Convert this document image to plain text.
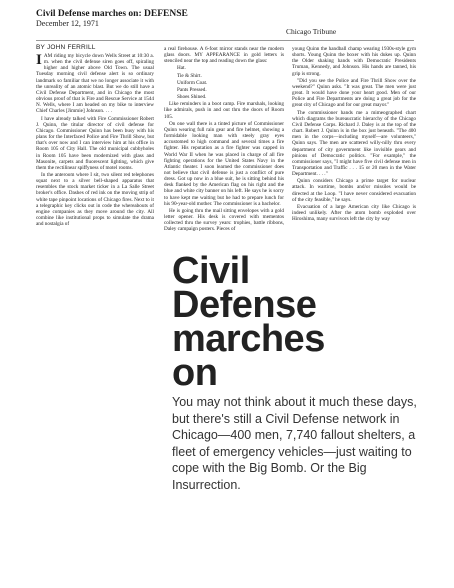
Civil Defense marches on: DEFENSE
December 12, 1971
Chicago Tribune
BY JOHN FERRILL

IAM riding my bicycle down Wells Street at 10:30 a. m. when the civil defense siren goes off, spiraling higher and higher above Old Town. The usual Tuesday morning civil defense alert is so ordinary landmark so familiar that we no longer associate it with the unreality of an atomic blast. But we do still have a Civil Defense Department, and in Chicago the most obvious proof of that is Fire and Rescue Service at 1544 N. Wells, where I am headed on my bike to interview Chief Charles [Jimmie] Johnson. . . .

I have already talked with Fire Commissioner Robert J. Quinn, the titular director of civil defense for Chicago. Commissioner Quinn has been busy with his plans for the Interfaced Police and Fire Thrill Show, but that's over now and I can interview him at his office in Room 105 of City Hall. The old municipal cubbyholes in Room 105 have been modernized with glass and Masonite, carpets and fluorescent lighting, which give them the rectilinear spiffyness of motel rooms.

In the anteroom where I sit, two silent red telephones squat next to a silver bell-shaped apparatus that resembles the stock market ticker in a La Salle Street broker's office. Dashes of red ink on the moving strip of white tape pinpoint locations of Chicago fires. Next to it a telegraphic key clicks out in code the whereabouts of engine companies as they move around the city. All combine like institutional props to simulate the drama and nostalgia of

a real firehouse. A 6-foot mirror stands near the modern glass doors. MY APPEARANCE in gold letters is stenciled near the top and reading down the glass:

Hat.

Tie & Shirt.

Uniform Coat.

Pants Pressed.

Shoes Shined.

Like reminders in a boot camp. Fire marshals, looking like admirals, push in and out thru the doors of Room 105.

On one wall there is a tinted picture of Commissioner Quinn wearing full rain gear and fire helmet, showing a formidable looking man with steely gray eyes accustomed to high command and several times a fire fighter. His reputation as a fire fighter was capped in World War II when he was placed in charge of all fire fighting operations for the United States Navy in the Atlantic theater. I soon learned the commissioner does not believe that civil defense is just a conflict of pure dress. Got up now in a blue suit, he is sitting behind his desk flanked by the American flag on his right and the blue and white city banner on his left. He says he is sorry to have kept me waiting but he had to prepare lunch for his 90-year-old mother. The commissioner is a bachelor.

He is going thru the mail sitting envelopes with a gold letter opener. His desk is covered with mementos collected thru the survey years: trophies, battle ribbons, Daley campaign posters. Pieces of

young Quinn the handball champ wearing 1930s-style gym shorts. Young Quinn the boxer with his dukes up. Quinn the Older shaking hands with Democratic Presidents Truman, Kennedy, and Johnson. His hands are tanned, his grip is strong.

"Did you see the Police and Fire Thrill Show over the weekend?" Quinn asks. "It was great. The men were just great. It would have done your heart good. Men of our Police and Fire Departments are doing a great job for the great city of Chicago and for our great mayor."

The commissioner hands me a mimeographed chart which diagrams the bureaucratic hierarchy of the Chicago Civil Defense Corps. Richard J. Daley is at the top of the chart. Robert J. Quinn is in the box just beneath. "The 400 men in the corps—including myself—are volunteers," Quinn says. The men are scattered willy-nilly thru every department of city government like invisible gears and pinions of Democratic politics. "For example," the commissioner says, "I might have five civil defense men in Transportation and Traffic . . . 15 or 20 men in the Water Department. . . ."

Quinn considers Chicago a prime target for nuclear attack. In wartime, bombs and/or missiles would be directed at the Loop. "I have never considered evacuation of the city feasible," he says.

Evacuation of a large American city like Chicago is indeed unlikely. After the atom bomb exploded over Hiroshima, many survivors left the city by way

Civil
Defense
marches
on
You may not think about it much these days, but there's still a Civil Defense network in Chicago—400 men, 7,740 fallout shelters, a fleet of emergency vehicles—just waiting to cope with the Big Bomb. Or the Big Insurrection.
